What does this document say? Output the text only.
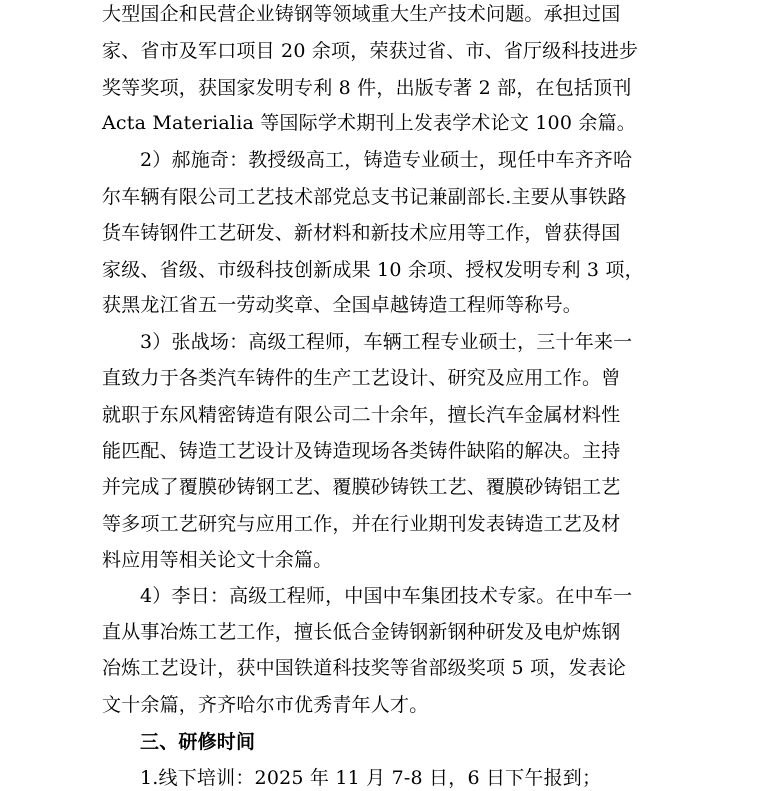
大型国企和民营企业铸钢等领域重大生产技术问题。承担过国
家、省市及军口项目 20 余项，荣获过省、市、省厅级科技进步
奖等奖项，获国家发明专利 8 件，出版专著 2 部，在包括顶刊
Acta Materialia 等国际学术期刊上发表学术论文 100 余篇。
2）郝施奇：教授级高工，铸造专业硕士，现任中车齐齐哈
尔车辆有限公司工艺技术部党总支书记兼副部长.主要从事铁路
货车铸钢件工艺研发、新材料和新技术应用等工作，曾获得国
家级、省级、市级科技创新成果 10 余项、授权发明专利 3 项，
获黑龙江省五一劳动奖章、全国卓越铸造工程师等称号。
3）张战场：高级工程师，车辆工程专业硕士，三十年来一
直致力于各类汽车铸件的生产工艺设计、研究及应用工作。曾
就职于东风精密铸造有限公司二十余年，擅长汽车金属材料性
能匹配、铸造工艺设计及铸造现场各类铸件缺陷的解决。主持
并完成了覆膜砂铸钢工艺、覆膜砂铸铁工艺、覆膜砂铸铝工艺
等多项工艺研究与应用工作，并在行业期刊发表铸造工艺及材
料应用等相关论文十余篇。
4）李日：高级工程师，中国中车集团技术专家。在中车一
直从事冶炼工艺工作，擅长低合金铸钢新钢种研发及电炉炼钢
冶炼工艺设计，获中国铁道科技奖等省部级奖项 5 项，发表论
文十余篇，齐齐哈尔市优秀青年人才。
三、研修时间
1.线下培训：2025 年 11 月 7-8 日，6 日下午报到；
